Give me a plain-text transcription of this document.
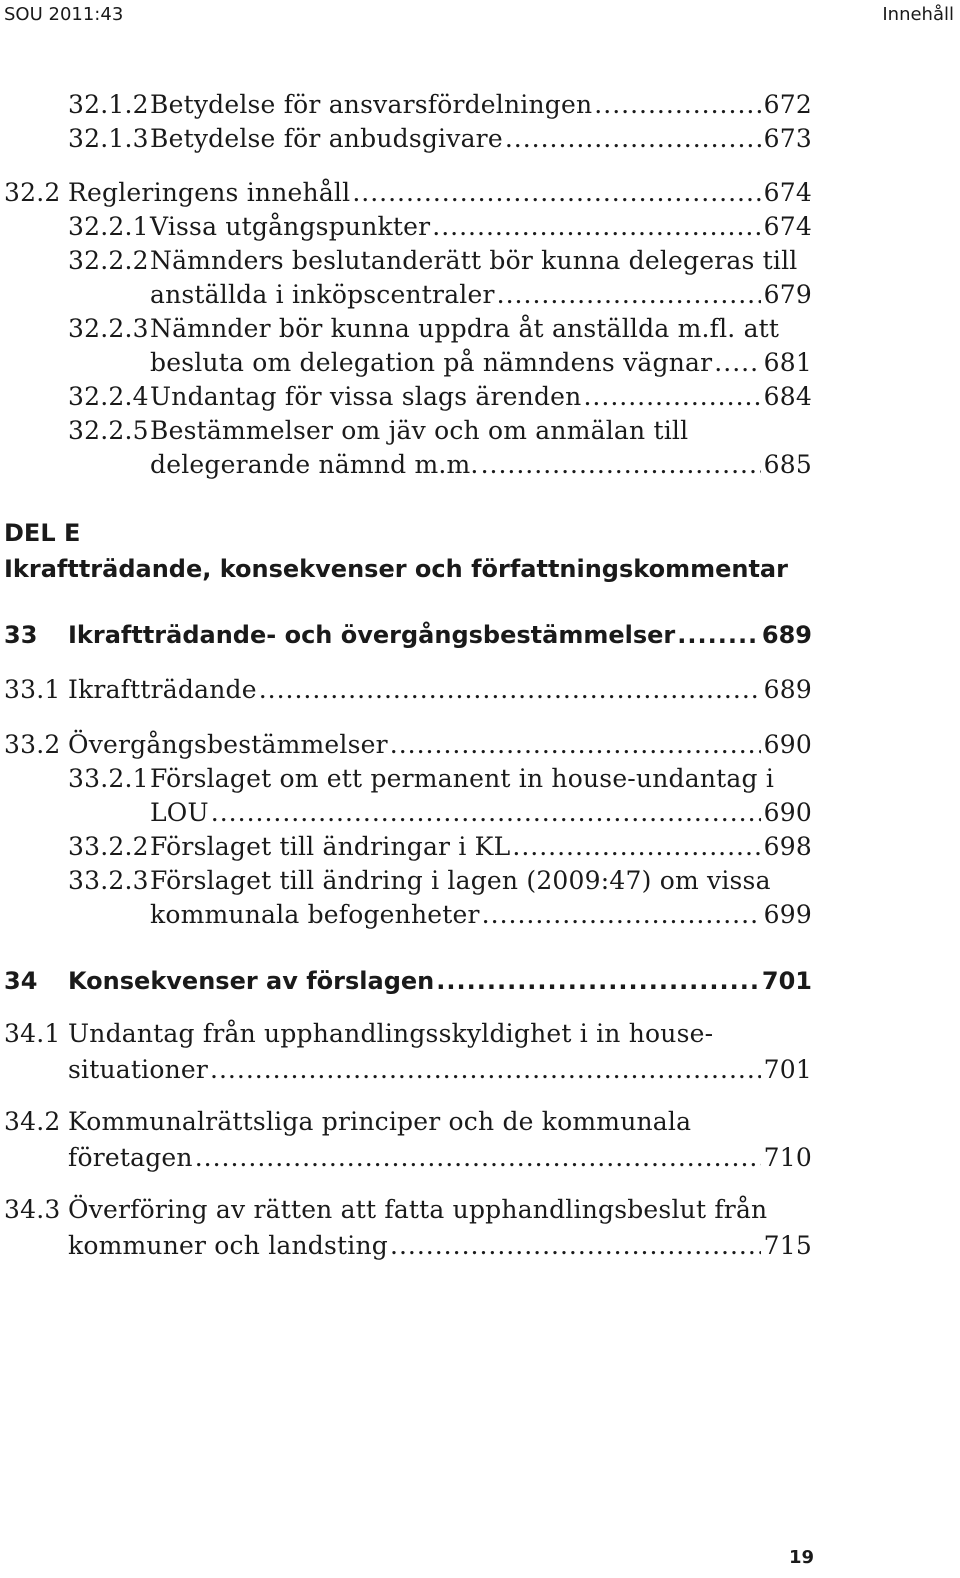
SOU 2011:43	Innehåll
32.1.2 Betydelse för ansvarsfördelningen .....	672
32.1.3 Betydelse för anbudsgivare .....	673
32.2 Regleringens innehåll .....	674
32.2.1 Vissa utgångspunkter .....	674
32.2.2 Nämnders beslutanderätt bör kunna delegeras till
anställda i inköpscentraler .....	679
32.2.3 Nämnder bör kunna uppdra åt anställda m.fl. att
besluta om delegation på nämndens vägnar ..... 681
32.2.4 Undantag för vissa slags ärenden .....	684
32.2.5 Bestämmelser om jäv och om anmälan till
delegerande nämnd m.m. .....	685
DEL E
Ikraftträdande, konsekvenser och författningskommentar
33	Ikraftträdande- och övergångsbestämmelser .....	689
33.1 Ikraftträdande .....	689
33.2 Övergångsbestämmelser .....	690
33.2.1 Förslaget om ett permanent in house-undantag i
LOU .....	690
33.2.2 Förslaget till ändringar i KL .....	698
33.2.3 Förslaget till ändring i lagen (2009:47) om vissa
kommunala befogenheter .....	699
34	Konsekvenser av förslagen .....	701
34.1 Undantag från upphandlingsskyldighet i in house-
situationer .....	701
34.2 Kommunalrättsliga principer och de kommunala
företagen .....	710
34.3 Överföring av rätten att fatta upphandlingsbeslut från
kommuner och landsting .....	715
19
